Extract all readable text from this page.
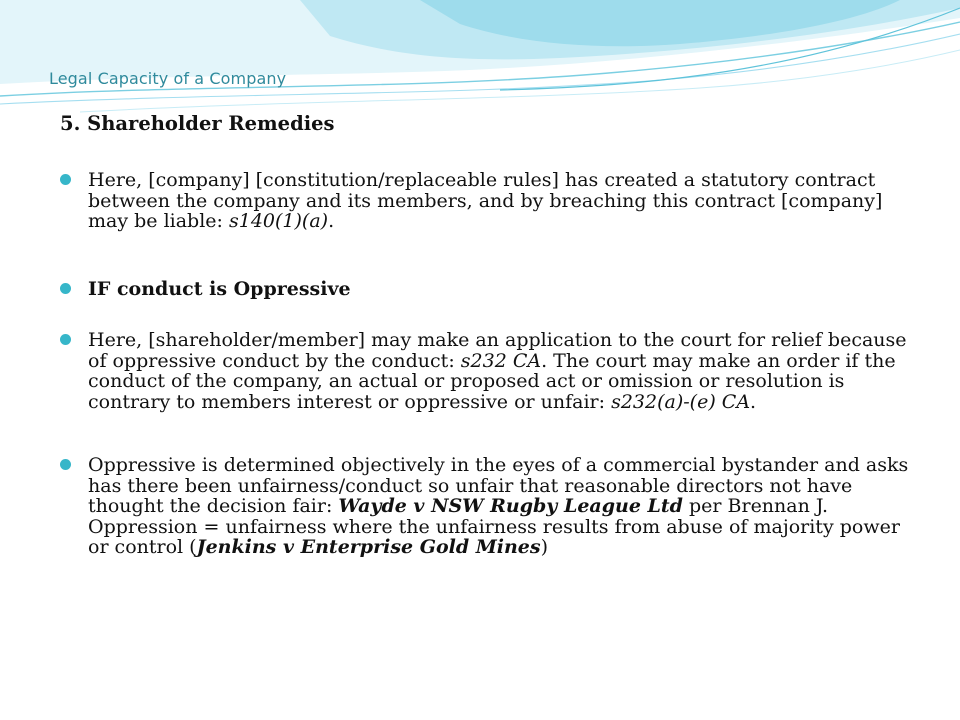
Legal Capacity of a Company
5. Shareholder Remedies
Here, [company] [constitution/replaceable rules] has created a statutory contract between the company and its members, and by breaching this contract [company] may be liable: s140(1)(a).
IF conduct is Oppressive
Here, [shareholder/member] may make an application to the court for relief because of oppressive conduct by the conduct: s232 CA. The court may make an order if the conduct of the company, an actual or proposed act or omission or resolution is contrary to members interest or oppressive or unfair: s232(a)-(e) CA.
Oppressive is determined objectively in the eyes of a commercial bystander and asks has there been unfairness/conduct so unfair that reasonable directors not have thought the decision fair: Wayde v NSW Rugby League Ltd per Brennan J. Oppression = unfairness where the unfairness results from abuse of majority power or control (Jenkins v Enterprise Gold Mines)
